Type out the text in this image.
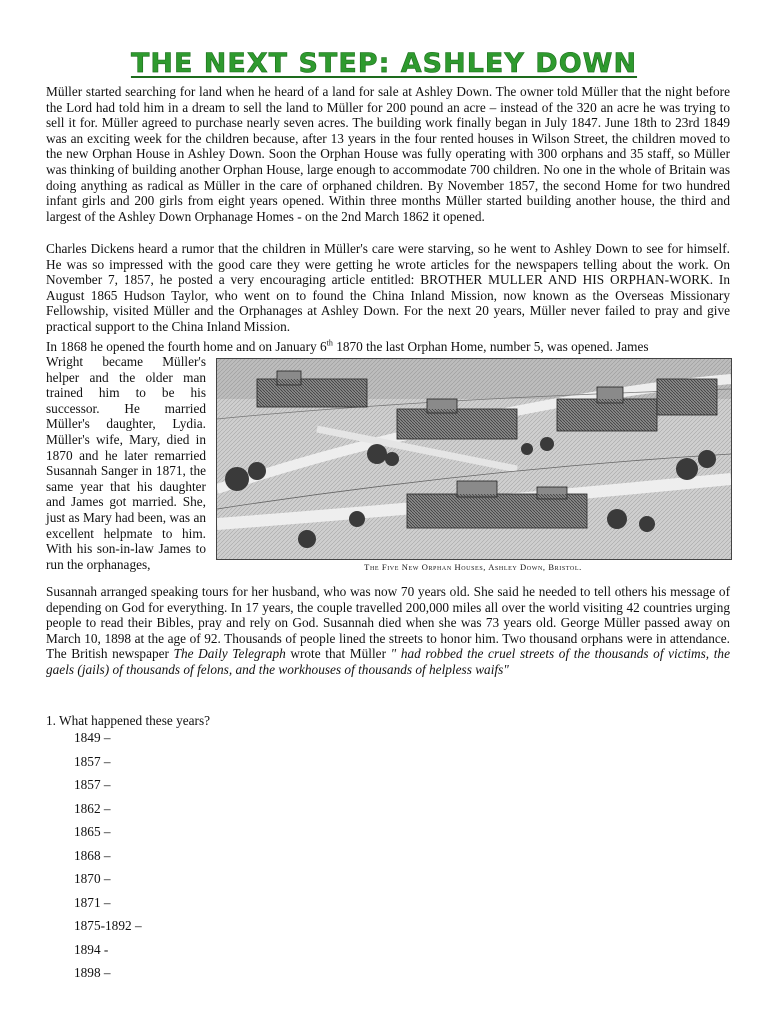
THE NEXT STEP: ASHLEY DOWN
Müller started searching for land when he heard of a land for sale at Ashley Down. The owner told Müller that the night before the Lord had told him in a dream to sell the land to Müller for 200 pound an acre – instead of the 320 an acre he was trying to sell it for. Müller agreed to purchase nearly seven acres. The building work finally began in July 1847. June 18th to 23rd 1849 was an exciting week for the children because, after 13 years in the four rented houses in Wilson Street, the children moved to the new Orphan House in Ashley Down. Soon the Orphan House was fully operating with 300 orphans and 35 staff, so Müller was thinking of building another Orphan House, large enough to accommodate 700 children. No one in the whole of Britain was doing anything as radical as Müller in the care of orphaned children. By November 1857, the second Home for two hundred infant girls and 200 girls from eight years opened. Within three months Müller started building another house, the third and largest of the Ashley Down Orphanage Homes - on the 2nd March 1862 it opened.
Charles Dickens heard a rumor that the children in Müller's care were starving, so he went to Ashley Down to see for himself. He was so impressed with the good care they were getting he wrote articles for the newspapers telling about the work. On November 7, 1857, he posted a very encouraging article entitled: BROTHER MULLER AND HIS ORPHAN-WORK. In August 1865 Hudson Taylor, who went on to found the China Inland Mission, now known as the Overseas Missionary Fellowship, visited Müller and the Orphanages at Ashley Down. For the next 20 years, Müller never failed to pray and give practical support to the China Inland Mission.
In 1868 he opened the fourth home and on January 6th 1870 the last Orphan Home, number 5, was opened. James
Wright became Müller's helper and the older man trained him to be his successor. He married Müller's daughter, Lydia. Müller's wife, Mary, died in 1870 and he later remarried Susannah Sanger in 1871, the same year that his daughter and James got married. She, just as Mary had been, was an excellent helpmate to him. With his son-in-law James to run the orphanages,	The Five New Orphan Houses, Ashley Down, Bristol.
Susannah arranged speaking tours for her husband, who was now 70 years old. She said he needed to tell others his message of depending on God for everything. In 17 years, the couple travelled 200,000 miles all over the world visiting 42 countries urging people to read their Bibles, pray and rely on God. Susannah died when she was 73 years old. George Müller passed away on March 10, 1898 at the age of 92. Thousands of people lined the streets to honor him. Two thousand orphans were in attendance. The British newspaper The Daily Telegraph wrote that Müller " had robbed the cruel streets of the thousands of victims, the gaels (jails) of thousands of felons, and the workhouses of thousands of helpless waifs"
1. What happened these years?
1849 –
1857 –
1857 –
1862 –
1865 –
1868 –
1870 –
1871 –
1875-1892 –
1894 -
1898 –
